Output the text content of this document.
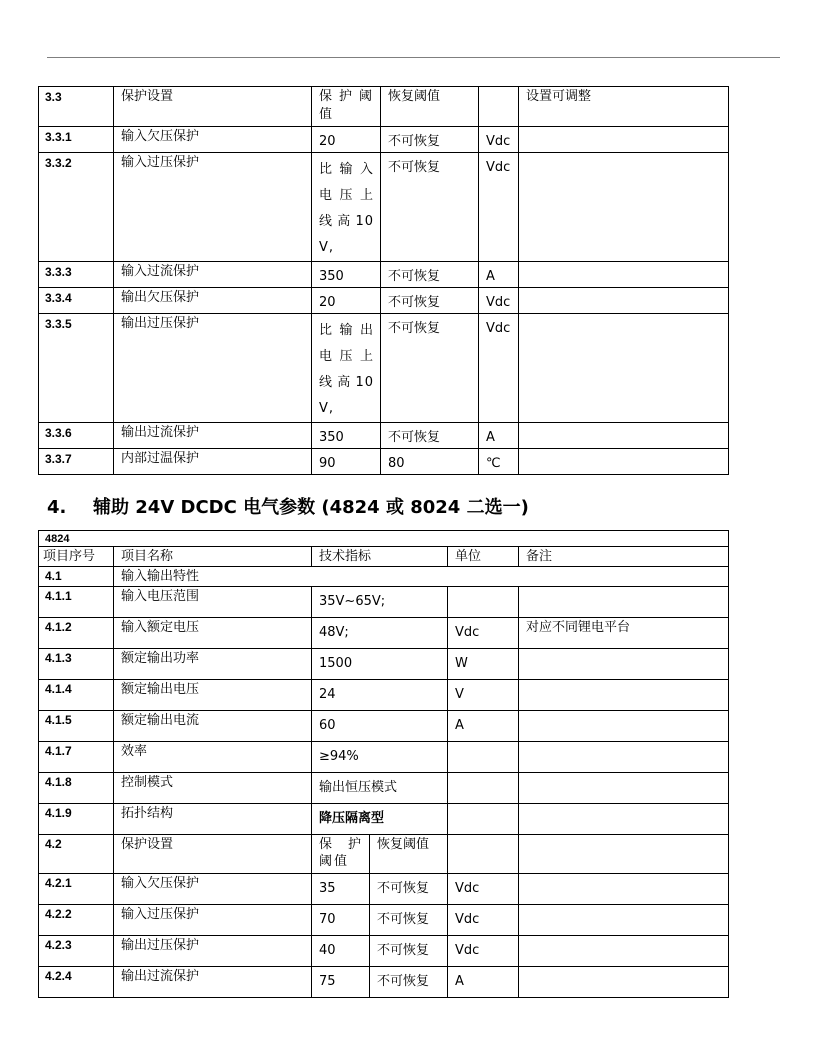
3.3	保护设置	保护阈值	恢复阈值		设置可调整
3.3.1	输入欠压保护	20	不可恢复	Vdc	
3.3.2	输入过压保护	比输入电压上线高10V,	不可恢复	Vdc	
3.3.3	输入过流保护	350	不可恢复	A	
3.3.4	输出欠压保护	20	不可恢复	Vdc	
3.3.5	输出过压保护	比输出电压上线高10V,	不可恢复	Vdc	
3.3.6	输出过流保护	350	不可恢复	A	
3.3.7	内部过温保护	90	80	℃	
4. 辅助 24V DCDC 电气参数 (4824 或 8024 二选一)
4824					
项目序号	项目名称	技术指标		单位	备注
4.1	输入输出特性				
4.1.1	输入电压范围	35V~65V;			
4.1.2	输入额定电压	48V;		Vdc	对应不同锂电平台
4.1.3	额定输出功率	1500		W	
4.1.4	额定输出电压	24		V	
4.1.5	额定输出电流	60		A	
4.1.7	效率	≥94%			
4.1.8	控制模式	输出恒压模式			
4.1.9	拓扑结构	降压隔离型			
4.2	保护设置	保护阈值	恢复阈值		
4.2.1	输入欠压保护	35	不可恢复	Vdc	
4.2.2	输入过压保护	70	不可恢复	Vdc	
4.2.3	输出过压保护	40	不可恢复	Vdc	
4.2.4	输出过流保护	75	不可恢复	A	
